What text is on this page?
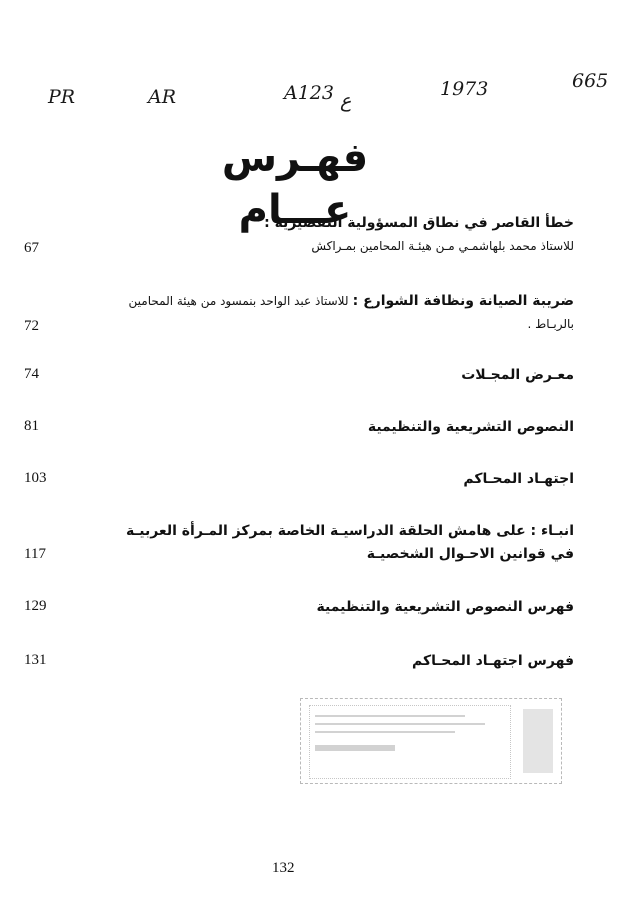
PR	AR	A123 ع
1973	665
فهـرس عـــام
خطأ القاصر في نطاق المسؤولية التقصيرية :
للاستاذ محمد بلهاشمـي مـن هيئـة المحامين بمـراكش
67
ضريبة الصيانة ونظافة الشوارع : للاستاذ عبد الواحد بنمسود من هيئة المحامين
بالربـاط .
72
معـرض المجـلات
74
النصوص التشريعية والتنظيمية
81
اجتهـاد المحـاكم
103
انبـاء : على هامش الحلقة الدراسيـة الخاصة بمركز المـرأة العربيـة
في قوانين الاحـوال الشخصيـة
117
فهرس النصوص التشريعية والتنظيمية
129
فهرس اجتهـاد المحـاكم
131
132
